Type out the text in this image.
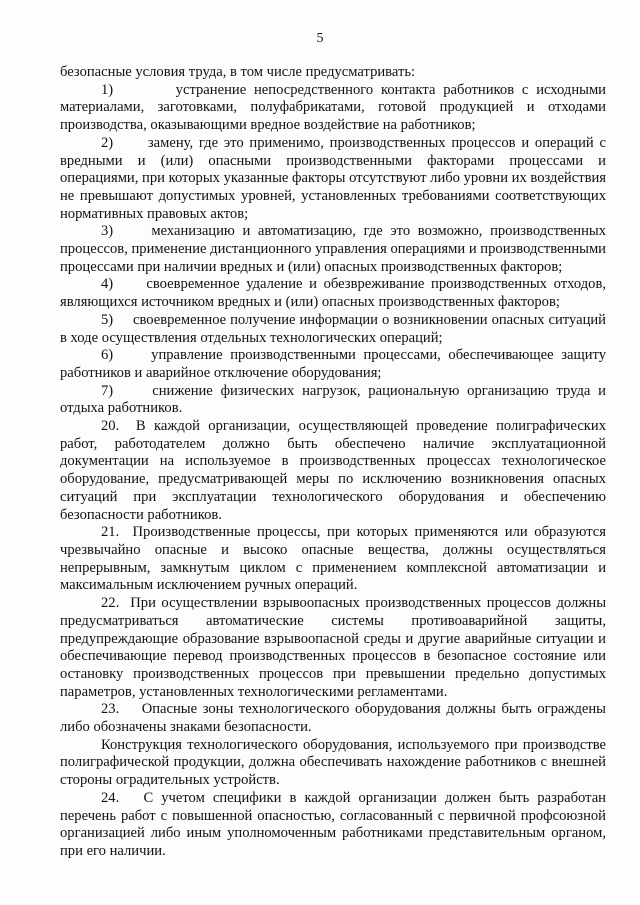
5

безопасные условия труда, в том числе предусматривать:

1)        устранение непосредственного контакта работников с исходными материалами, заготовками, полуфабрикатами, готовой продукцией и отходами производства, оказывающими вредное воздействие на работников;

2)      замену, где это применимо, производственных процессов и операций с вредными и (или) опасными производственными факторами процессами и операциями, при которых указанные факторы отсутствуют либо уровни их воздействия не превышают допустимых уровней, установленных требованиями соответствующих нормативных правовых актов;

3)     механизацию и автоматизацию, где это возможно, производственных процессов, применение дистанционного управления операциями и производственными процессами при наличии вредных и (или) опасных производственных факторов;

4)     своевременное удаление и обезвреживание производственных отходов, являющихся источником вредных и (или) опасных производственных факторов;

5)     своевременное получение информации о возникновении опасных ситуаций в ходе осуществления отдельных технологических операций;

6)     управление производственными процессами, обеспечивающее защиту работников и аварийное отключение оборудования;

7)     снижение физических нагрузок, рациональную организацию труда и отдыха работников.

20.  В каждой организации, осуществляющей проведение полиграфических работ, работодателем должно быть обеспечено наличие эксплуатационной документации на используемое в производственных процессах технологическое оборудование, предусматривающей меры по исключению возникновения опасных ситуаций при эксплуатации технологического оборудования и обеспечению безопасности работников.

21.  Производственные процессы, при которых применяются или образуются чрезвычайно опасные и высоко опасные вещества, должны осуществляться непрерывным, замкнутым циклом с применением комплексной автоматизации и максимальным исключением ручных операций.

22.  При осуществлении взрывоопасных производственных процессов должны предусматриваться автоматические системы противоаварийной защиты, предупреждающие образование взрывоопасной среды и другие аварийные ситуации и обеспечивающие перевод производственных процессов в безопасное состояние или остановку производственных процессов при превышении предельно допустимых параметров, установленных технологическими регламентами.

23.    Опасные зоны технологического оборудования должны быть ограждены либо обозначены знаками безопасности.

Конструкция технологического оборудования, используемого при производстве полиграфической продукции, должна обеспечивать нахождение работников с внешней стороны оградительных устройств.

24.   С учетом специфики в каждой организации должен быть разработан перечень работ с повышенной опасностью, согласованный с первичной профсоюзной организацией либо иным уполномоченным работниками представительным органом, при его наличии.
